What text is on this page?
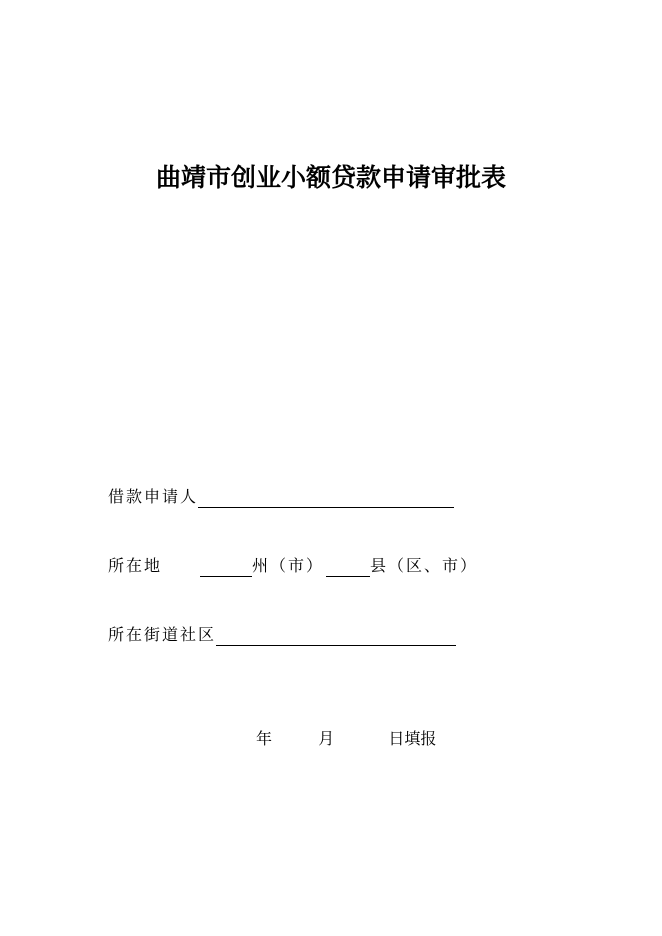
曲靖市创业小额贷款申请审批表
借款申请人
所在地	州（市）	县（区、市）
所在街道社区
年	月	日填报
